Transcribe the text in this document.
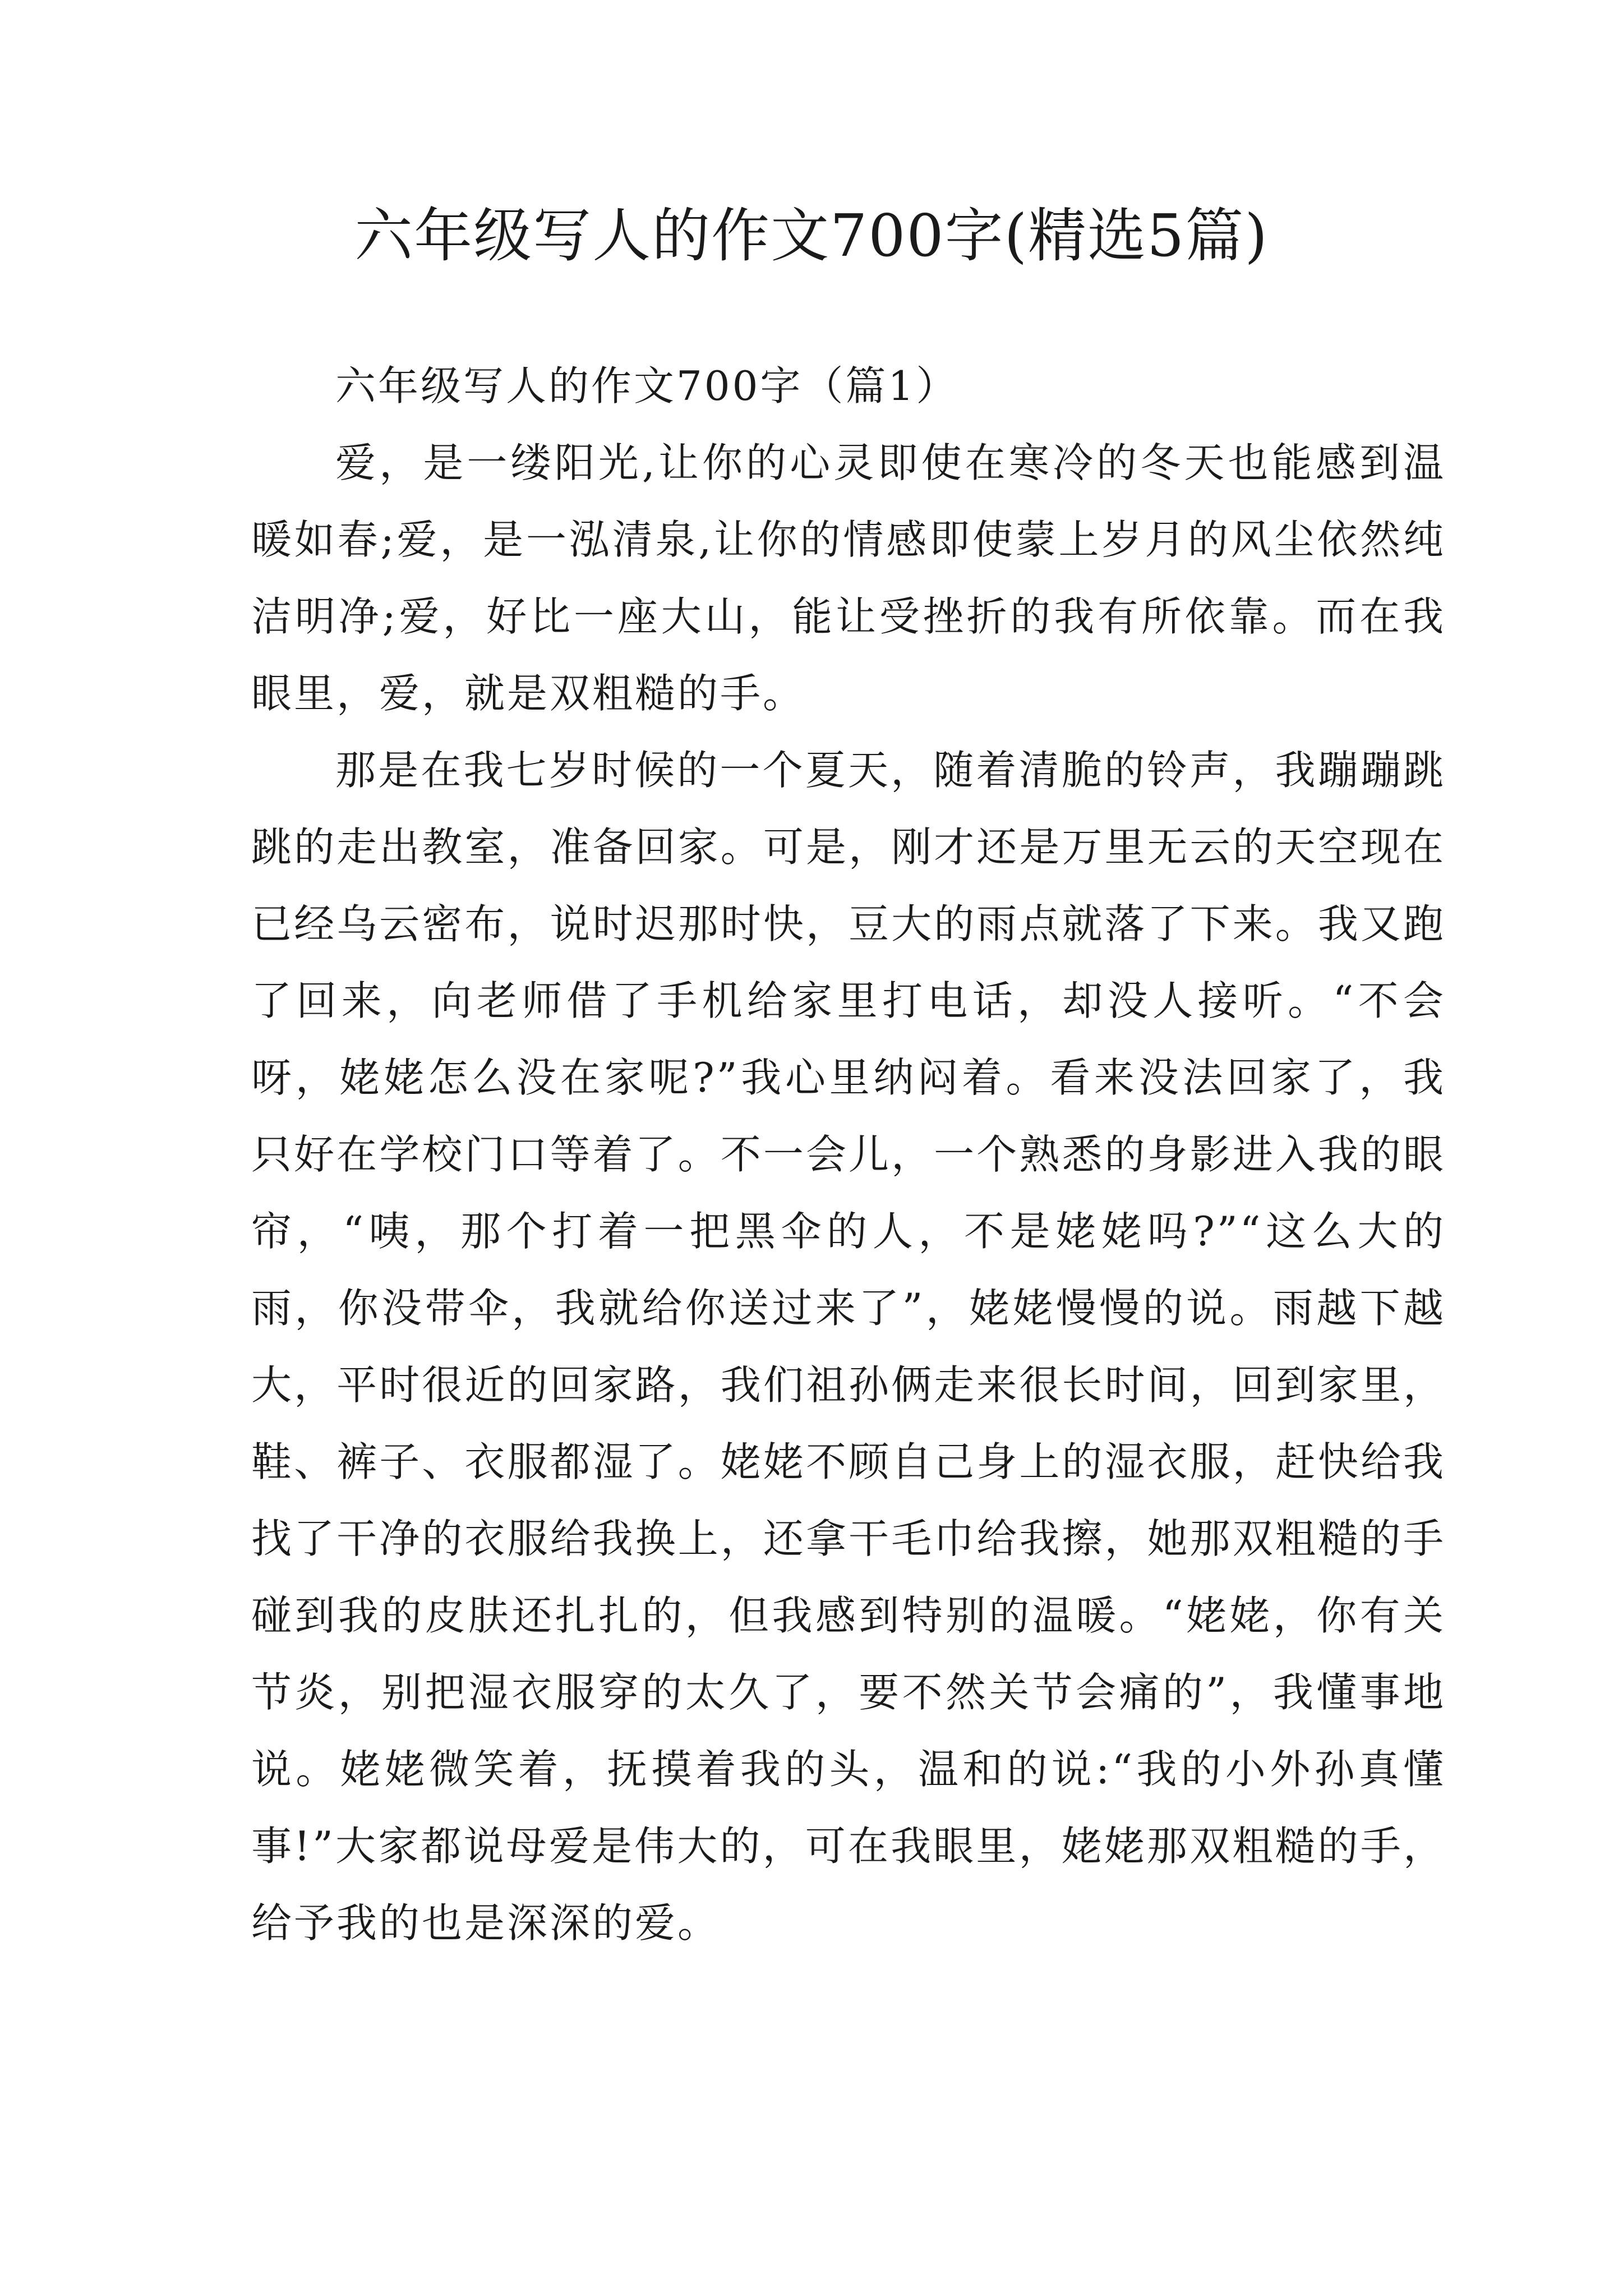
六年级写人的作文700字(精选5篇)
六年级写人的作文700字（篇1）

爱，是一缕阳光,让你的心灵即使在寒冷的冬天也能感到温暖如春;爱，是一泓清泉,让你的情感即使蒙上岁月的风尘依然纯洁明净;爱，好比一座大山，能让受挫折的我有所依靠。而在我眼里，爱，就是双粗糙的手。

那是在我七岁时候的一个夏天，随着清脆的铃声，我蹦蹦跳跳的走出教室，准备回家。可是，刚才还是万里无云的天空现在已经乌云密布，说时迟那时快，豆大的雨点就落了下来。我又跑了回来，向老师借了手机给家里打电话，却没人接听。“不会呀，姥姥怎么没在家呢?”我心里纳闷着。看来没法回家了，我只好在学校门口等着了。不一会儿，一个熟悉的身影进入我的眼帘，“咦，那个打着一把黑伞的人，不是姥姥吗?”“这么大的雨，你没带伞，我就给你送过来了”，姥姥慢慢的说。雨越下越大，平时很近的回家路，我们祖孙俩走来很长时间，回到家里，鞋、裤子、衣服都湿了。姥姥不顾自己身上的湿衣服，赶快给我找了干净的衣服给我换上，还拿干毛巾给我擦，她那双粗糙的手碰到我的皮肤还扎扎的，但我感到特别的温暖。“姥姥，你有关节炎，别把湿衣服穿的太久了，要不然关节会痛的”，我懂事地说。姥姥微笑着，抚摸着我的头，温和的说:“我的小外孙真懂事!”大家都说母爱是伟大的，可在我眼里，姥姥那双粗糙的手，给予我的也是深深的爱。
